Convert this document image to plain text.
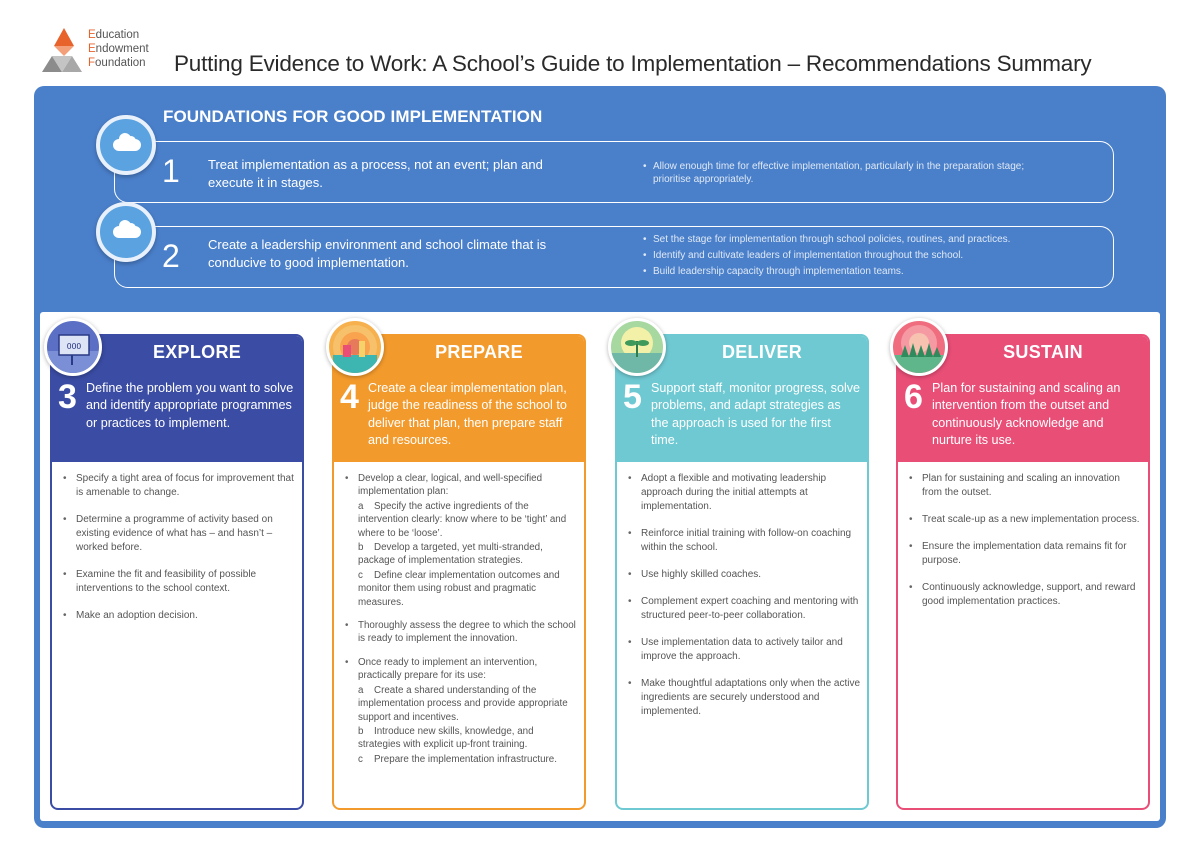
Education
Endowment
Foundation Putting Evidence to Work: A School’s Guide to Implementation – Recommendations Summary
FOUNDATIONS FOR GOOD IMPLEMENTATION
1 Treat implementation as a process, not an event; plan and execute it in stages.
• Allow enough time for effective implementation, particularly in the preparation stage; prioritise appropriately.
2 Create a leadership environment and school climate that is conducive to good implementation.
• Set the stage for implementation through school policies, routines, and practices.
• Identify and cultivate leaders of implementation throughout the school.
• Build leadership capacity through implementation teams.
EXPLORE
3 Define the problem you want to solve and identify appropriate programmes or practices to implement.
• Specify a tight area of focus for improvement that is amenable to change.
• Determine a programme of activity based on existing evidence of what has – and hasn’t – worked before.
• Examine the fit and feasibility of possible interventions to the school context.
• Make an adoption decision.
OOO	PREPARE
4 Create a clear implementation plan, judge the readiness of the school to deliver that plan, then prepare staff and resources.
• Develop a clear, logical, and well-specified implementation plan:
a Specify the active ingredients of the intervention clearly: know where to be ‘tight’ and where to be ‘loose’.
b Develop a targeted, yet multi-stranded, package of implementation strategies.
c Define clear implementation outcomes and monitor them using robust and pragmatic measures.
• Thoroughly assess the degree to which the school is ready to implement the innovation.
• Once ready to implement an intervention, practically prepare for its use:
a Create a shared understanding of the implementation process and provide appropriate support and incentives.
b Introduce new skills, knowledge, and strategies with explicit up-front training.
c Prepare the implementation infrastructure.
DELIVER
5 Support staff, monitor progress, solve problems, and adapt strategies as the approach is used for the first time.
• Adopt a flexible and motivating leadership approach during the initial attempts at implementation.
• Reinforce initial training with follow-on coaching within the school.
• Use highly skilled coaches.
• Complement expert coaching and mentoring with structured peer-to-peer collaboration.
• Use implementation data to actively tailor and improve the approach.
• Make thoughtful adaptations only when the active ingredients are securely understood and implemented.
SUSTAIN
6 Plan for sustaining and scaling an intervention from the outset and continuously acknowledge and nurture its use.
• Plan for sustaining and scaling an innovation from the outset.
• Treat scale-up as a new implementation process.
• Ensure the implementation data remains fit for purpose.
• Continuously acknowledge, support, and reward good implementation practices.
